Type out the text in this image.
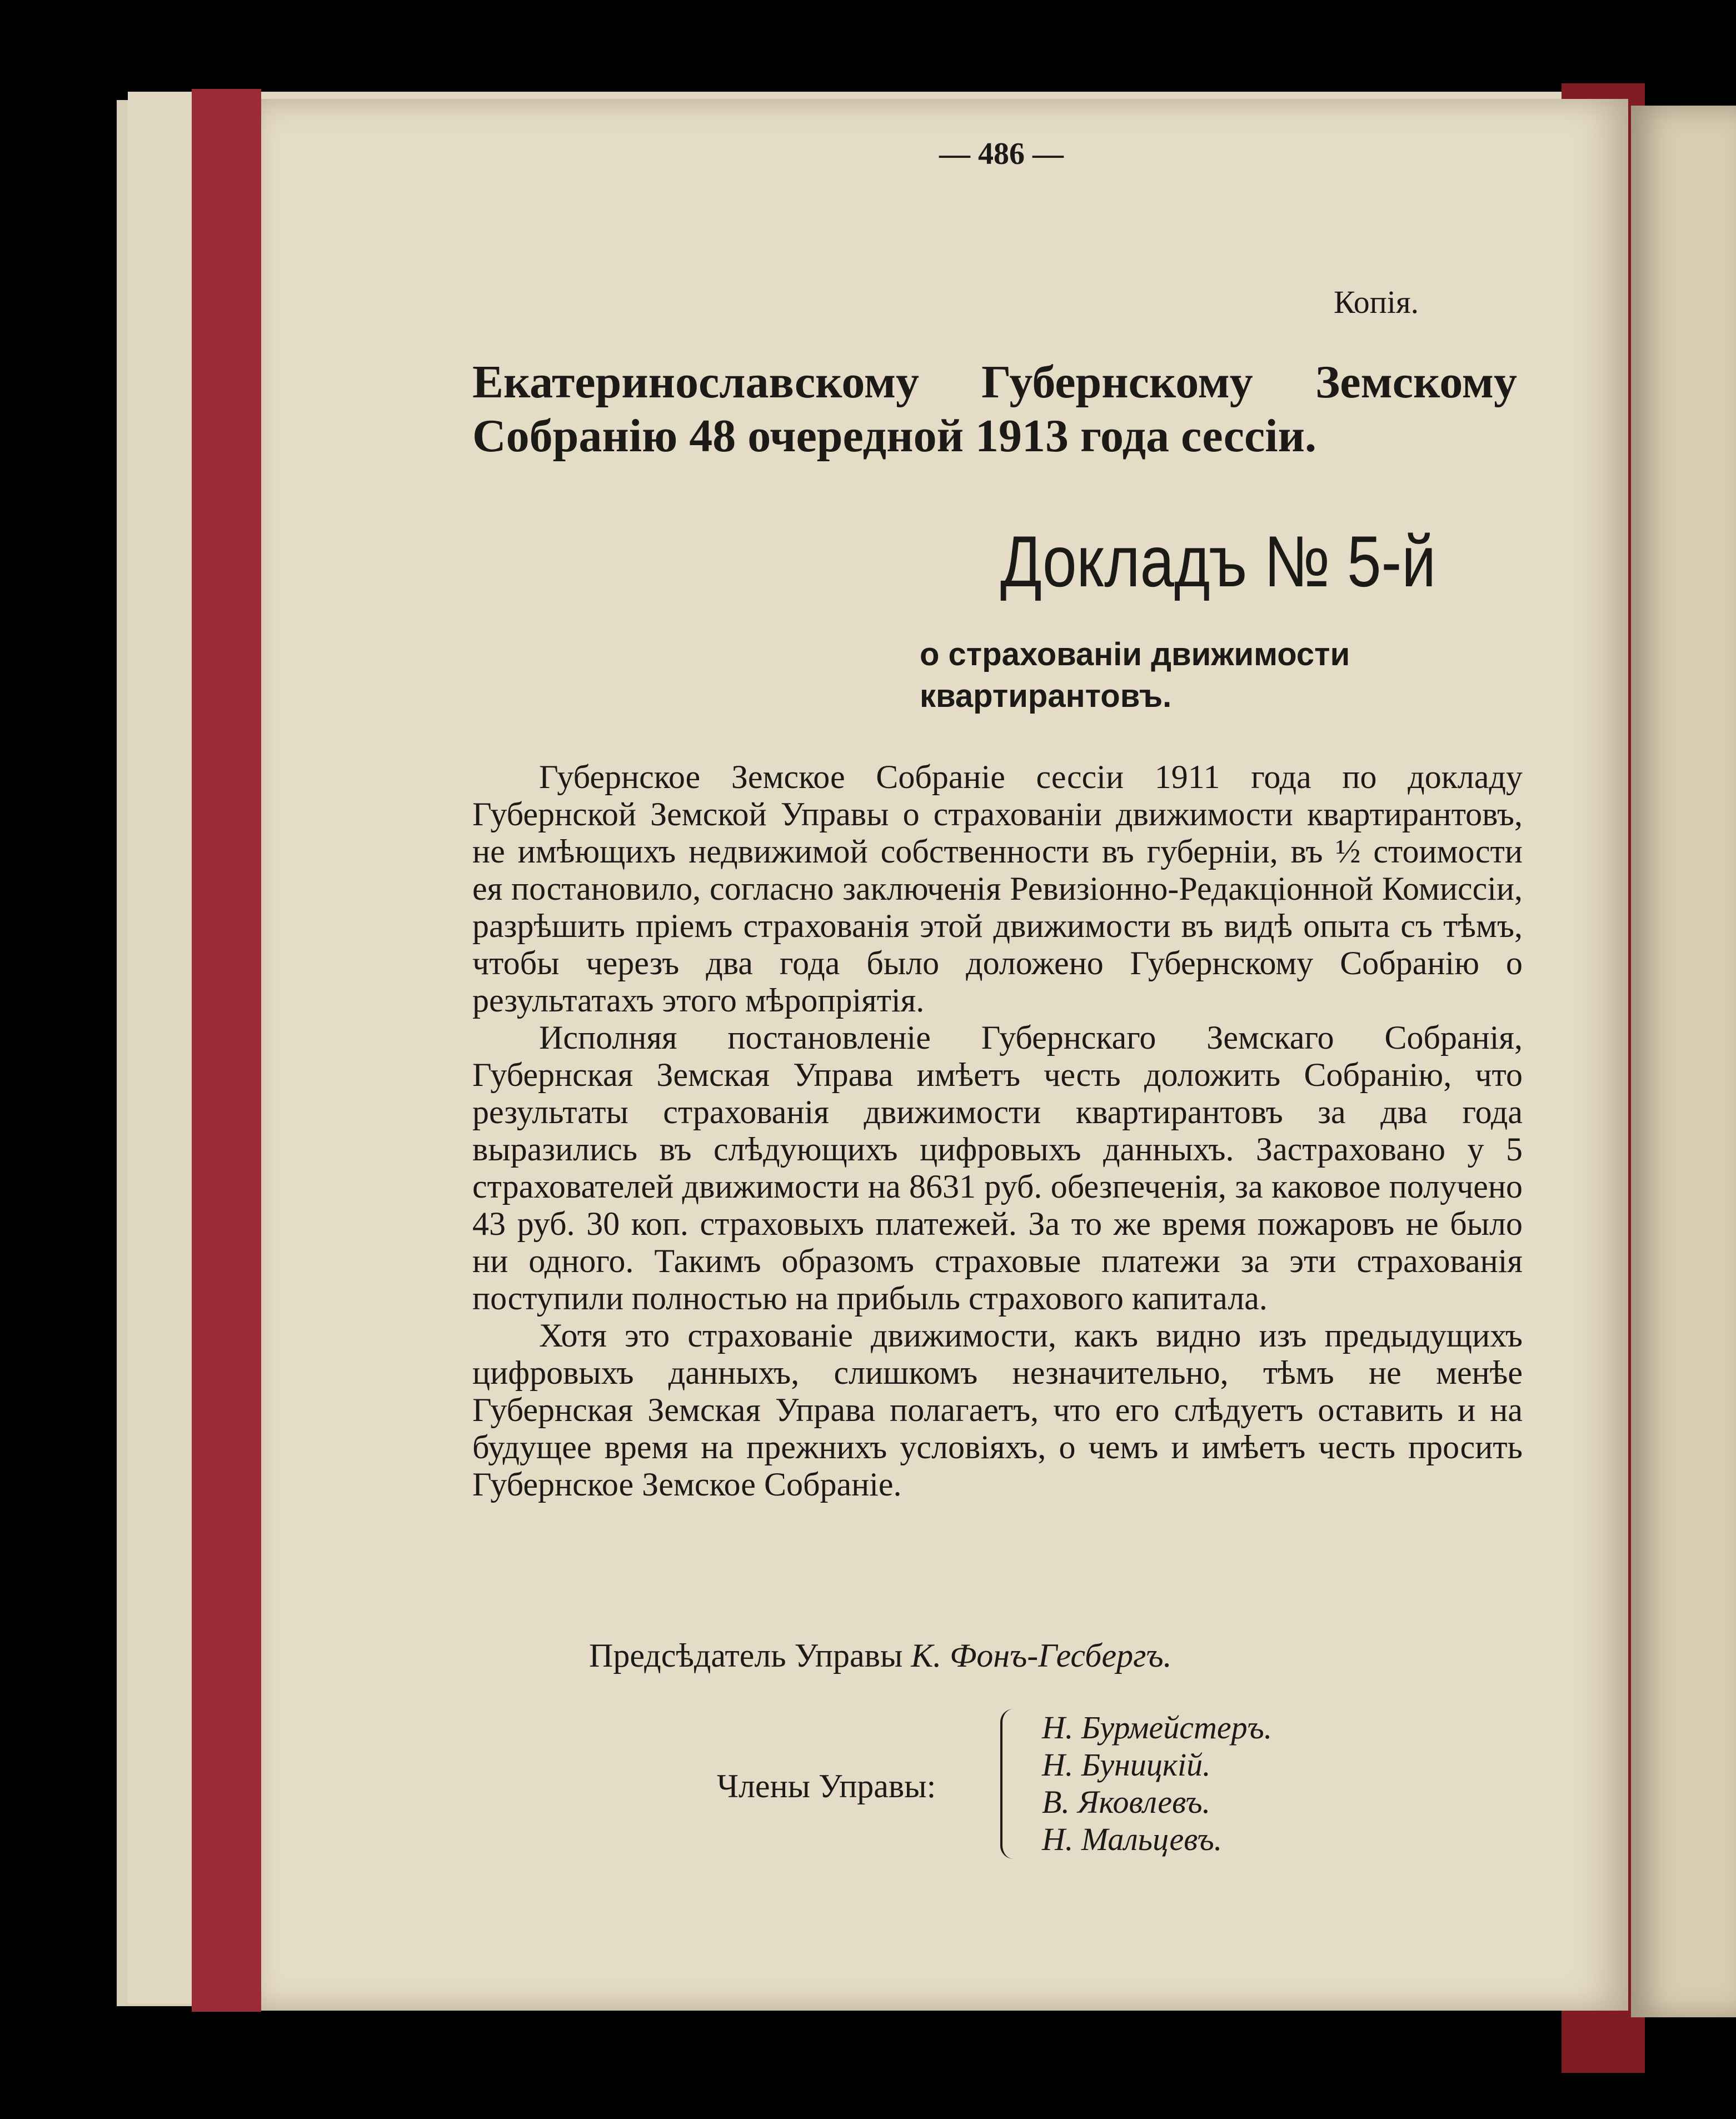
— 486 —
Копія.
Екатеринославскому Губернскому Земскому
Собранію 48 очередной 1913 года сессіи.
Докладъ № 5-й
о страхованіи движимости квартирантовъ.

Губернское Земское Собраніе сессіи 1911 года по докладу Губернской Земской Управы о страхованіи движимости квартирантовъ, не имѣющихъ недвижимой собственности въ губерніи, въ ½ стоимости ея постановило, согласно заключенія Ревизіонно-Редакціонной Комиссіи, разрѣшить пріемъ страхованія этой движимости въ видѣ опыта съ тѣмъ, чтобы черезъ два года было доложено Губернскому Собранію о результатахъ этого мѣропріятія.

Исполняя постановленіе Губернскаго Земскаго Собранія, Губернская Земская Управа имѣетъ честь доложить Собранію, что результаты страхованія движимости квартирантовъ за два года выразились въ слѣдующихъ цифровыхъ данныхъ. Застраховано у 5 страхователей движимости на 8631 руб. обезпеченія, за каковое получено 43 руб. 30 коп. страховыхъ платежей. За то же время пожаровъ не было ни одного. Такимъ образомъ страховые платежи за эти страхованія поступили полностью на прибыль страхового капитала.

Хотя это страхованіе движимости, какъ видно изъ предыдущихъ цифровыхъ данныхъ, слишкомъ незначительно, тѣмъ не менѣе Губернская Земская Управа полагаетъ, что его слѣдуетъ оставить и на будущее время на прежнихъ условіяхъ, о чемъ и имѣетъ честь просить Губернское Земское Собраніе.

Предсѣдатель Управы К. Фонъ-Гесбергъ.
Члены Управы:
Н. Бурмейстеръ.
Н. Буницкій.
В. Яковлевъ.
Н. Мальцевъ.
